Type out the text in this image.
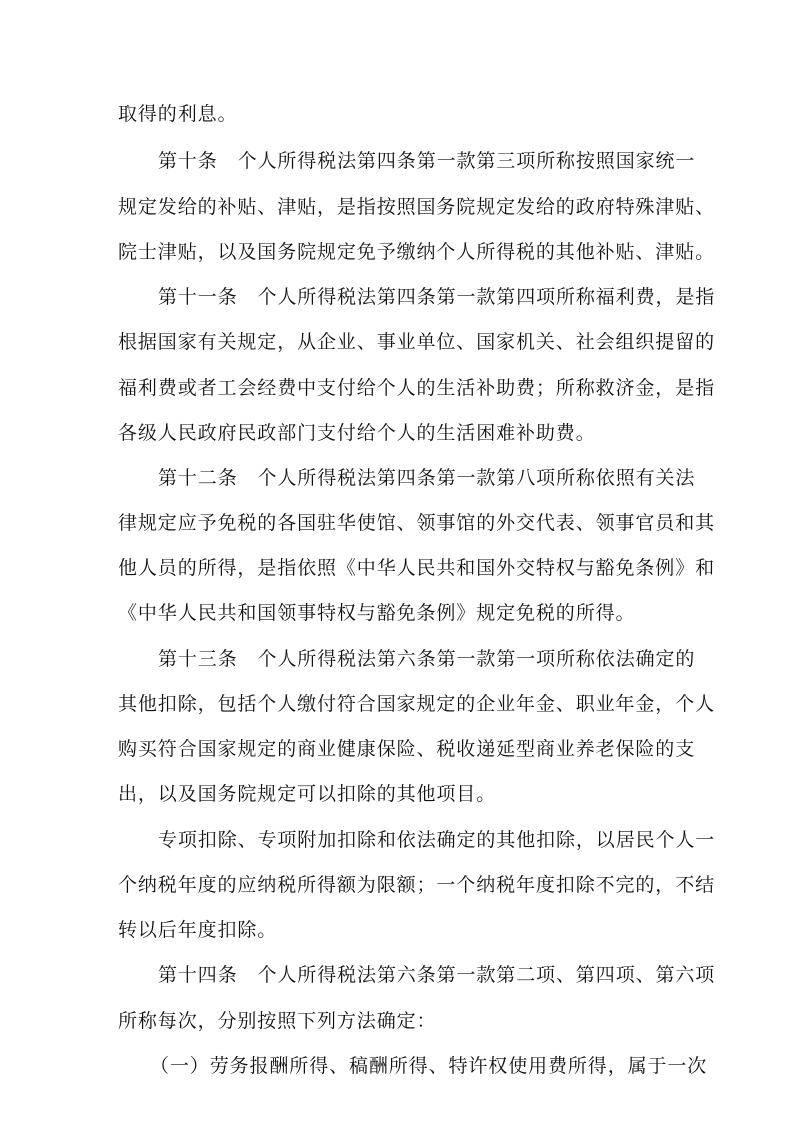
取得的利息。
第十条　个人所得税法第四条第一款第三项所称按照国家统一
规定发给的补贴、津贴，是指按照国务院规定发给的政府特殊津贴、
院士津贴，以及国务院规定免予缴纳个人所得税的其他补贴、津贴。
第十一条　个人所得税法第四条第一款第四项所称福利费，是指
根据国家有关规定，从企业、事业单位、国家机关、社会组织提留的
福利费或者工会经费中支付给个人的生活补助费；所称救济金，是指
各级人民政府民政部门支付给个人的生活困难补助费。
第十二条　个人所得税法第四条第一款第八项所称依照有关法
律规定应予免税的各国驻华使馆、领事馆的外交代表、领事官员和其
他人员的所得，是指依照《中华人民共和国外交特权与豁免条例》和
《中华人民共和国领事特权与豁免条例》规定免税的所得。
第十三条　个人所得税法第六条第一款第一项所称依法确定的
其他扣除，包括个人缴付符合国家规定的企业年金、职业年金，个人
购买符合国家规定的商业健康保险、税收递延型商业养老保险的支
出，以及国务院规定可以扣除的其他项目。
专项扣除、专项附加扣除和依法确定的其他扣除，以居民个人一
个纳税年度的应纳税所得额为限额；一个纳税年度扣除不完的，不结
转以后年度扣除。
第十四条　个人所得税法第六条第一款第二项、第四项、第六项
所称每次，分别按照下列方法确定：
（一）劳务报酬所得、稿酬所得、特许权使用费所得，属于一次
